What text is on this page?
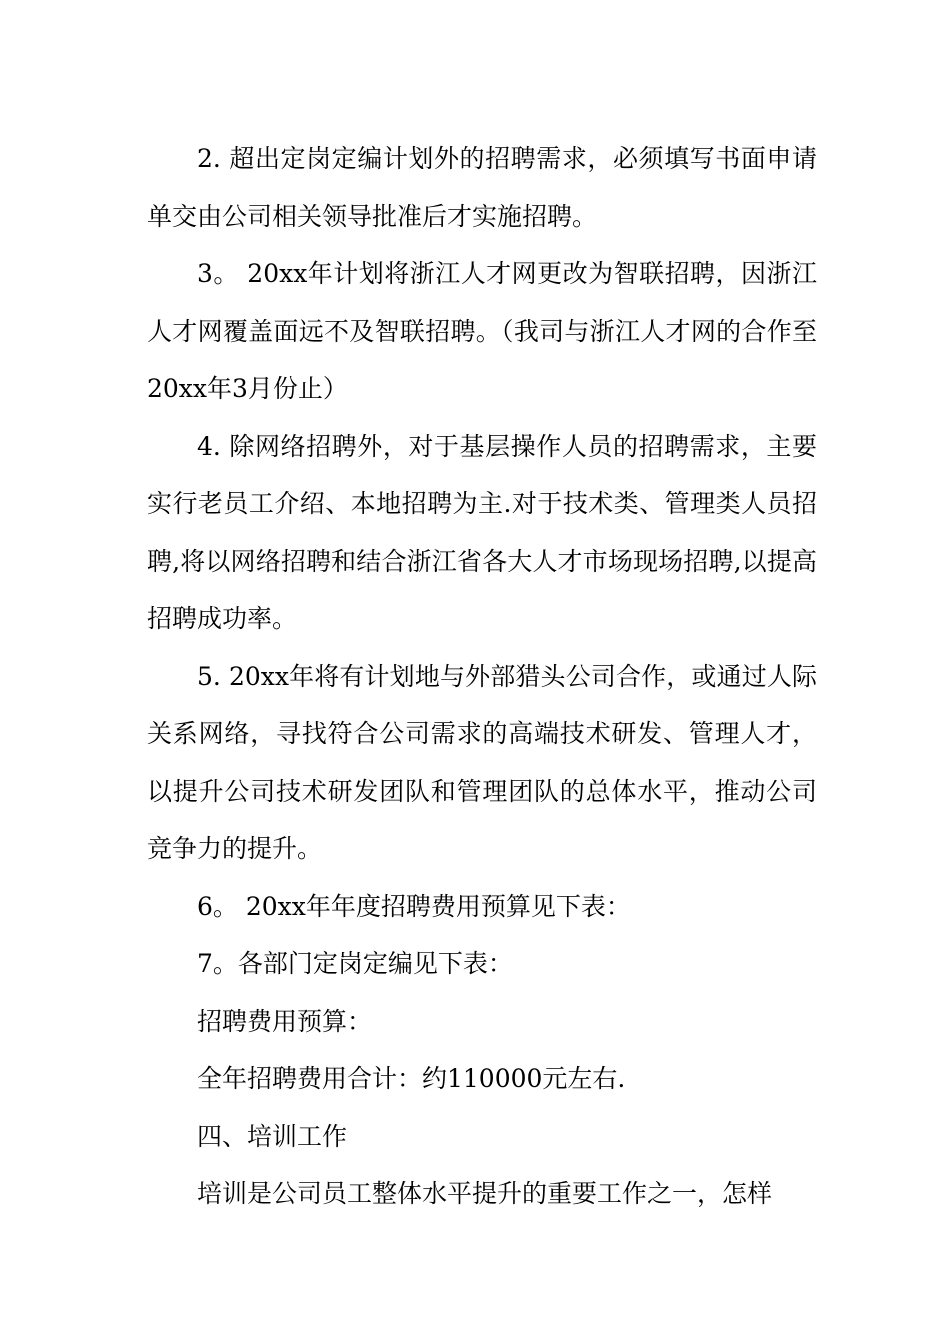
2. 超出定岗定编计划外的招聘需求，必须填写书面申请单交由公司相关领导批准后才实施招聘。

3。 20xx年计划将浙江人才网更改为智联招聘，因浙江人才网覆盖面远不及智联招聘。（我司与浙江人才网的合作至20xx年3月份止）

4. 除网络招聘外，对于基层操作人员的招聘需求，主要实行老员工介绍、本地招聘为主.对于技术类、管理类人员招聘,将以网络招聘和结合浙江省各大人才市场现场招聘,以提高招聘成功率。

5. 20xx年将有计划地与外部猎头公司合作，或通过人际关系网络，寻找符合公司需求的高端技术研发、管理人才，以提升公司技术研发团队和管理团队的总体水平，推动公司竞争力的提升。

6。 20xx年年度招聘费用预算见下表：

7。各部门定岗定编见下表：

招聘费用预算：

全年招聘费用合计：约110000元左右.

四、培训工作

培训是公司员工整体水平提升的重要工作之一，怎样
